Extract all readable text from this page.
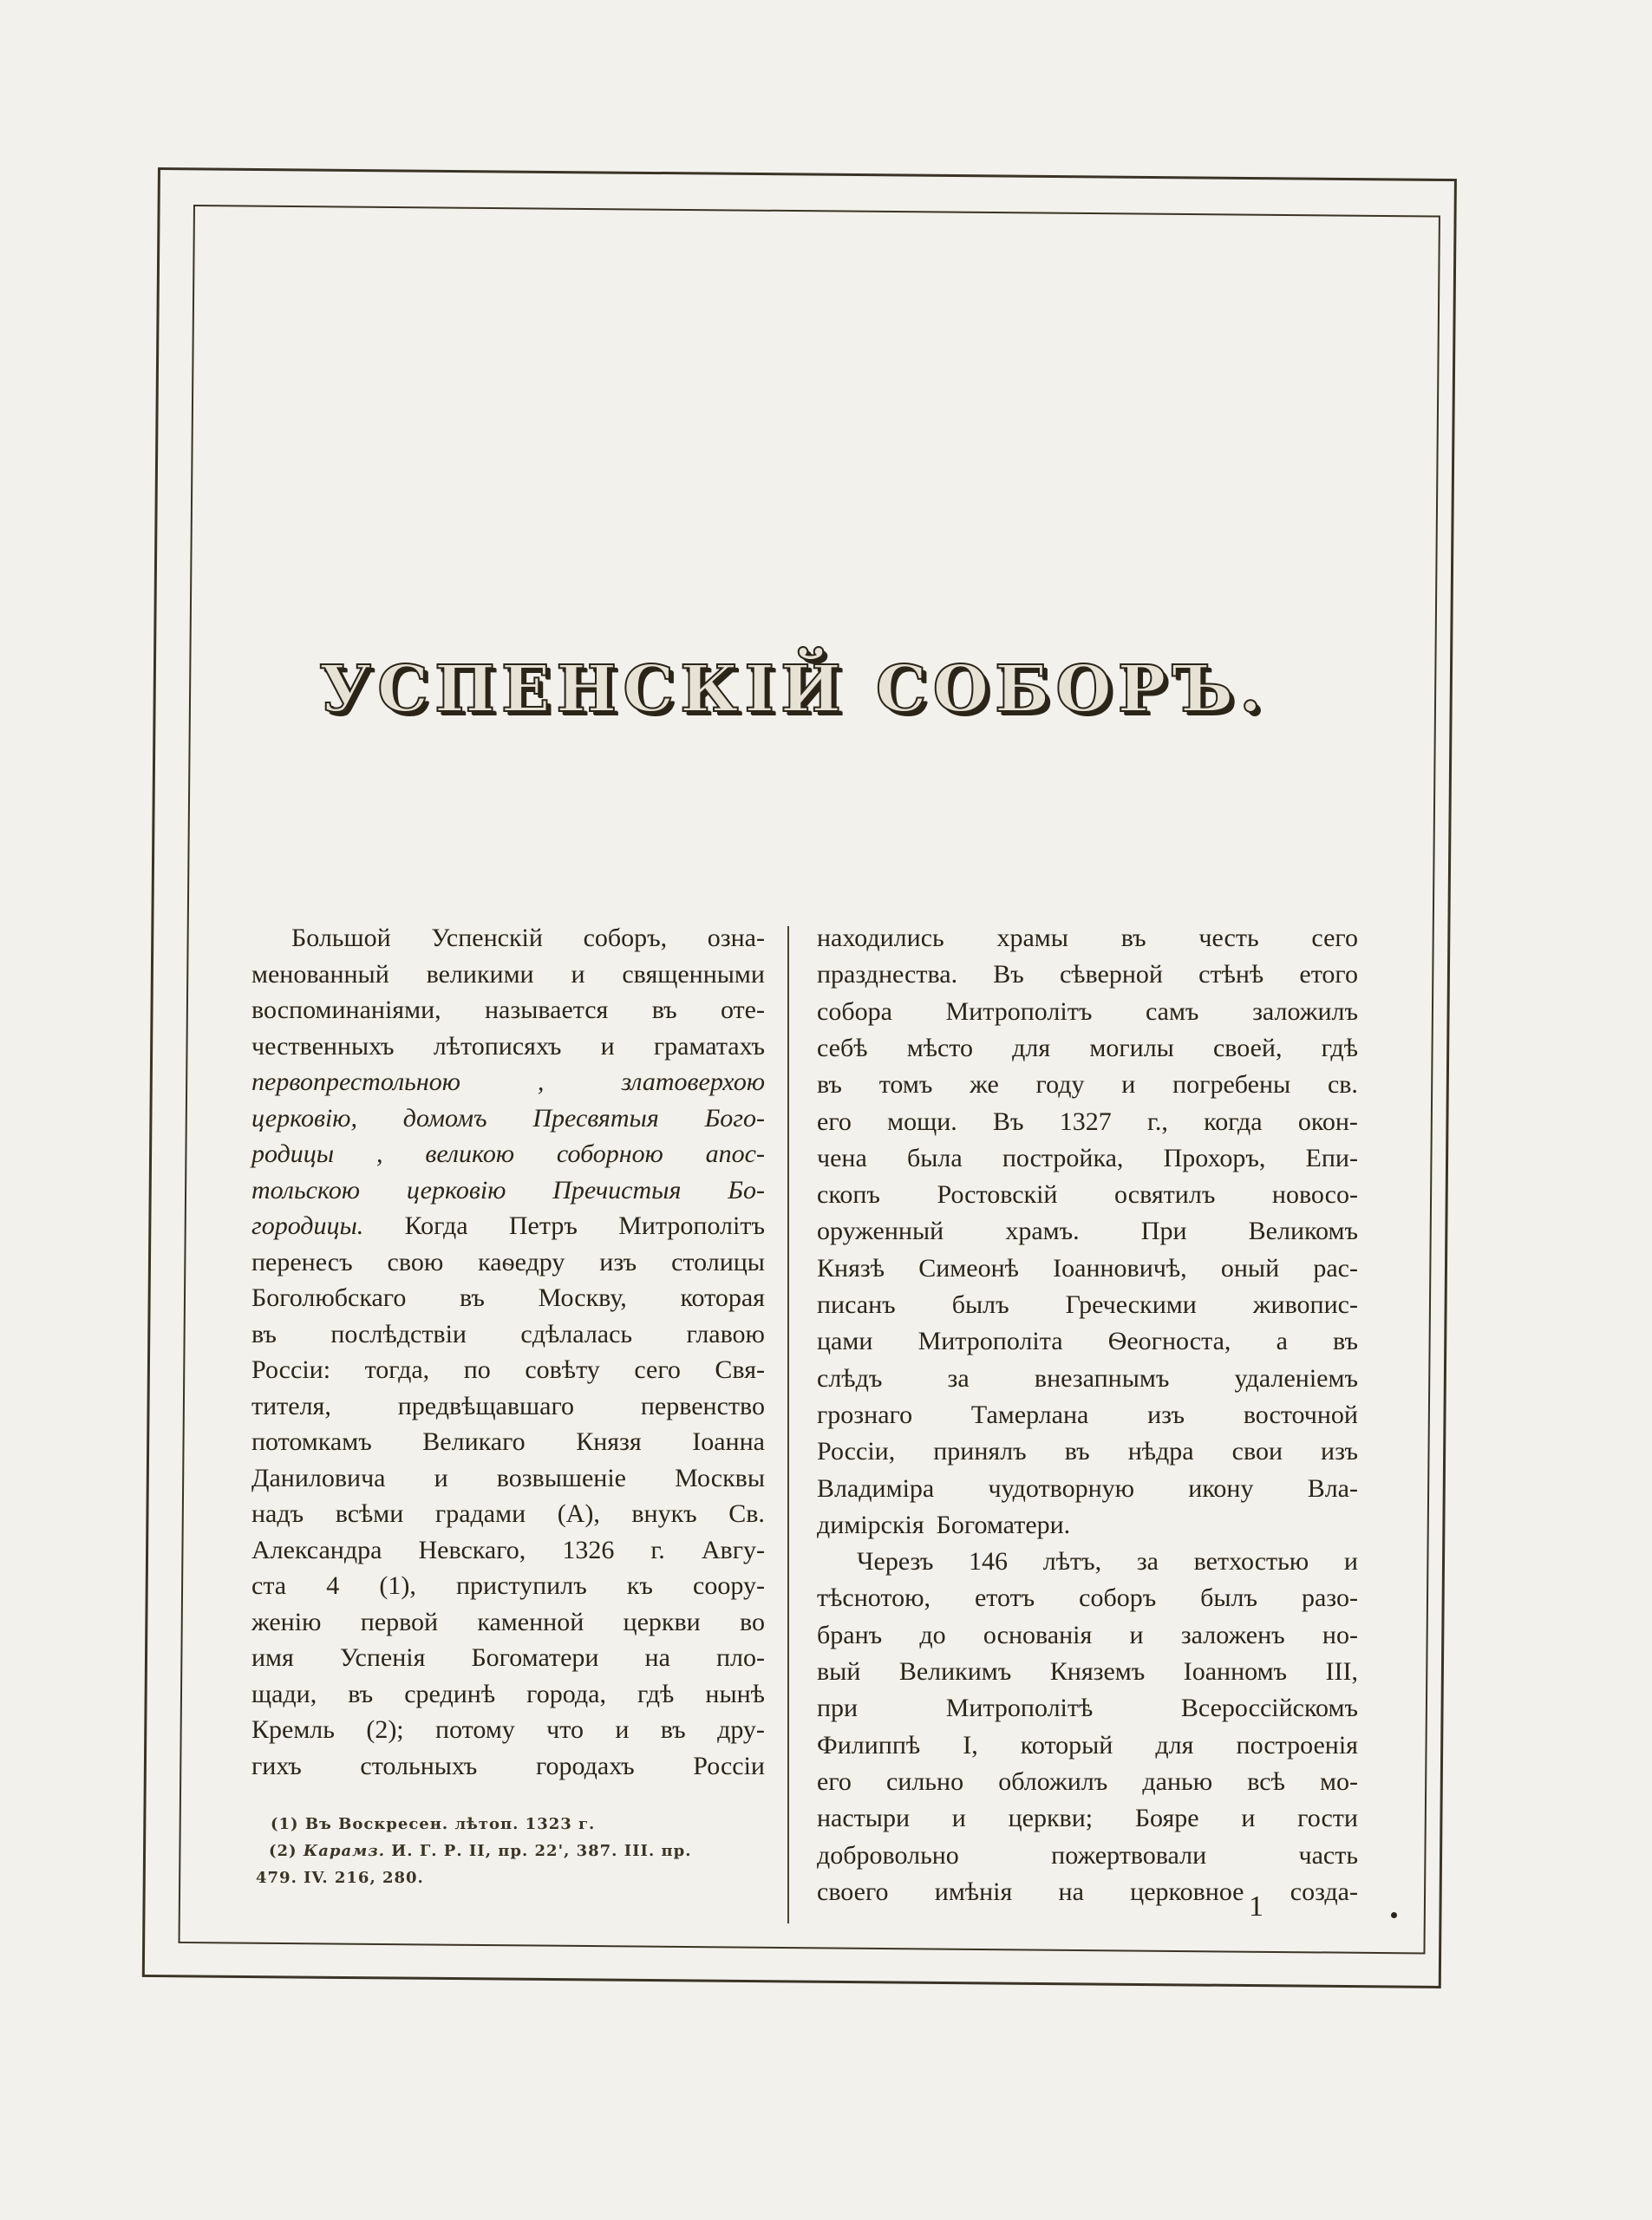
УСПЕНСКІЙ СОБОРЪ.
Большой Успенскій соборъ, озна-
менованный великими и священными
воспоминаніями, называется въ оте-
чественныхъ лѣтописяхъ и граматахъ
первопрестольною	,	златоверхою
церковію, домомъ Пресвятыя Бого-
родицы , великою соборною апос-
тольскою церковію Пречистыя Бо-
городицы. Когда Петръ Митрополітъ
перенесъ свою каѳедру изъ столицы
Боголюбскаго въ Москву, которая
въ послѣдствіи сдѣлалась главою
Россіи: тогда, по совѣту сего Свя-
тителя,	предвѣщавшаго	первенство
потомкамъ Великаго Князя Іоанна
Даниловича и возвышеніе Москвы
надъ всѣми градами (А), внукъ Св.
Александра Невскаго, 1326 г. Авгу-
ста 4 (1), приступилъ къ соору-
женію первой каменной церкви во
имя Успенія Богоматери на пло-
щади, въ срединѣ города, гдѣ нынѣ
Кремль (2); потому что и въ дру-
гихъ стольныхъ городахъ Россіи
находились храмы въ честь сего
празднества. Въ сѣверной стѣнѣ етого
собора Митрополітъ самъ заложилъ
себѣ мѣсто для могилы своей, гдѣ
въ томъ же году и погребены св.
его мощи. Въ 1327 г., когда окон-
чена была постройка, Прохоръ, Епи-
скопъ Ростовскій освятилъ новосо-
оруженный храмъ. При Великомъ
Князѣ Симеонѣ Іоанновичѣ, оный рас-
писанъ былъ Греческими живопис-
цами Митрополіта Ѳеогноста, а въ
слѣдъ	за	внезапнымъ	удаленіемъ
грознаго Тамерлана изъ восточной
Россіи, принялъ въ нѣдра свои изъ
Владиміра чудотворную икону Вла-
димірскія Богоматери.
Черезъ 146 лѣтъ, за ветхостью и
тѣснотою, етотъ соборъ былъ разо-
бранъ до основанія и заложенъ но-
вый Великимъ Княземъ Іоанномъ III,
при	Митрополітѣ	Всероссійскомъ
Филиппѣ I, который для построенія
его сильно обложилъ данью всѣ мо-
настыри и церкви; Бояре и гости
добровольно	пожертвовали	часть
своего имѣнія на церковное созда-
(1) Въ Воскресен. лѣтоп. 1323 г.
(2) Карамз. И. Г. Р. II, пр. 22', 387. III. пр.
479. IV. 216, 280.
1
